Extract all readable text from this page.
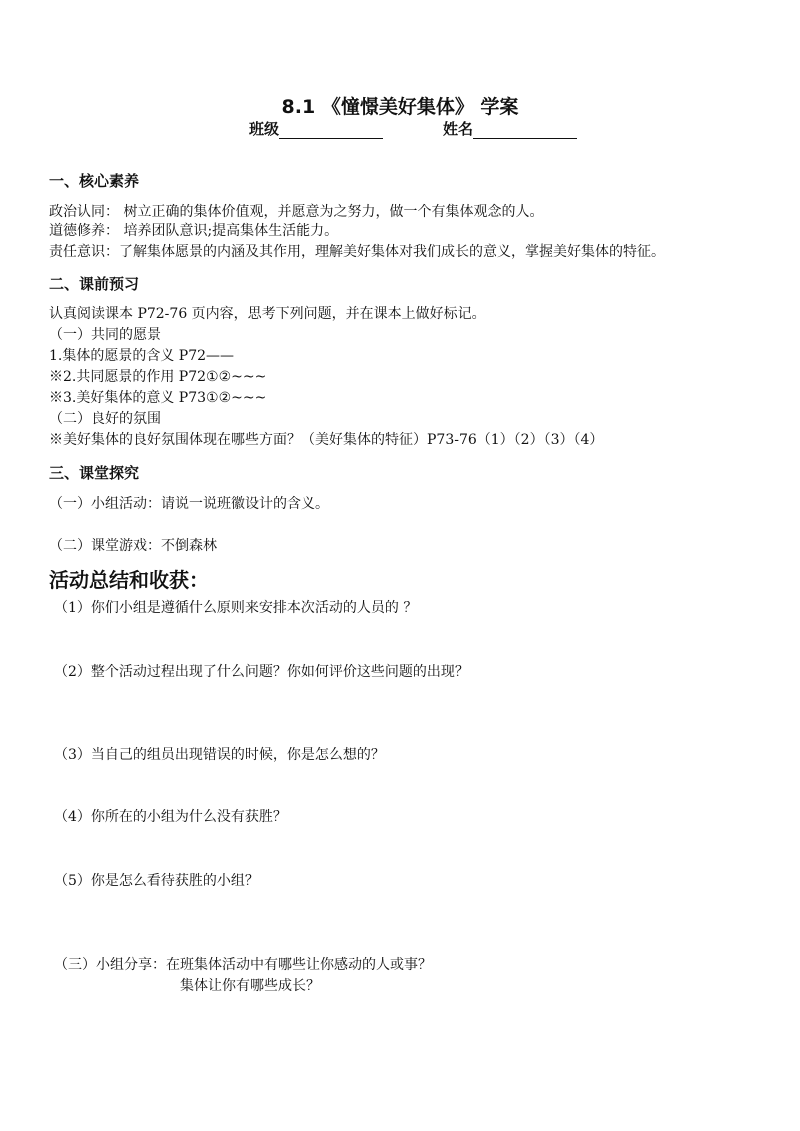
8.1 《憧憬美好集体》 学案
班级	姓名
一、核心素养
政治认同： 树立正确的集体价值观，并愿意为之努力，做一个有集体观念的人。
道德修养： 培养团队意识;提高集体生活能力。
责任意识：了解集体愿景的内涵及其作用，理解美好集体对我们成长的意义，掌握美好集体的特征。
二、课前预习
认真阅读课本 P72-76 页内容，思考下列问题，并在课本上做好标记。
（一）共同的愿景
1.集体的愿景的含义 P72——
※2.共同愿景的作用 P72①②~~~
※3.美好集体的意义 P73①②~~~
（二）良好的氛围
※美好集体的良好氛围体现在哪些方面？（美好集体的特征）P73-76（1）（2）（3）（4）
三、课堂探究
（一）小组活动：请说一说班徽设计的含义。
（二）课堂游戏：不倒森林
活动总结和收获：
（1）你们小组是遵循什么原则来安排本次活动的人员的 ？
（2）整个活动过程出现了什么问题？你如何评价这些问题的出现？
（3）当自己的组员出现错误的时候，你是怎么想的？
（4）你所在的小组为什么没有获胜？
（5）你是怎么看待获胜的小组？
（三）小组分享：在班集体活动中有哪些让你感动的人或事？
集体让你有哪些成长？
